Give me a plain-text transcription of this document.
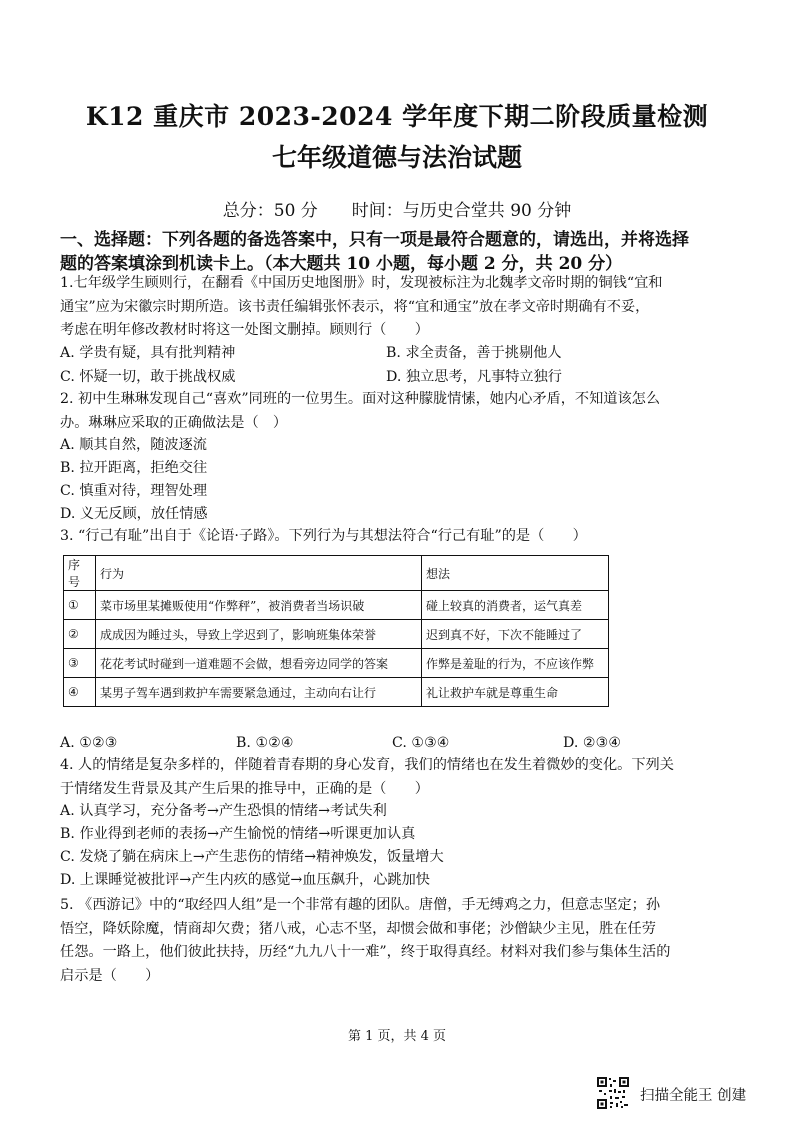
K12 重庆市 2023-2024 学年度下期二阶段质量检测
七年级道德与法治试题
总分：50 分 时间：与历史合堂共 90 分钟
一、选择题：下列各题的备选答案中，只有一项是最符合题意的，请选出，并将选择
题的答案填涂到机读卡上。（本大题共 10 小题，每小题 2 分，共 20 分）
1.七年级学生顾则行，在翻看《中国历史地图册》时，发现被标注为北魏孝文帝时期的铜钱“宜和
通宝”应为宋徽宗时期所造。该书责任编辑张怀表示，将“宜和通宝”放在孝文帝时期确有不妥，
考虑在明年修改教材时将这一处图文删掉。顾则行（　　）
A. 学贵有疑，具有批判精神	B. 求全责备，善于挑剔他人
C. 怀疑一切，敢于挑战权威	D. 独立思考，凡事特立独行
2. 初中生琳琳发现自己“喜欢”同班的一位男生。面对这种朦胧情愫，她内心矛盾，不知道该怎么
办。琳琳应采取的正确做法是（　）
A. 顺其自然，随波逐流
B. 拉开距离，拒绝交往
C. 慎重对待，理智处理
D. 义无反顾，放任情感
3. “行己有耻”出自于《论语·子路》。下列行为与其想法符合“行己有耻”的是（　　）
序号	行为	想法
①	菜市场里某摊贩使用“作弊秤”，被消费者当场识破	碰上较真的消费者，运气真差
②	成成因为睡过头，导致上学迟到了，影响班集体荣誉	迟到真不好，下次不能睡过了
③	花花考试时碰到一道难题不会做，想看旁边同学的答案	作弊是羞耻的行为，不应该作弊
④	某男子驾车遇到救护车需要紧急通过，主动向右让行	礼让救护车就是尊重生命
A. ①②③	B. ①②④	C. ①③④	D. ②③④
4. 人的情绪是复杂多样的，伴随着青春期的身心发育，我们的情绪也在发生着微妙的变化。下列关
于情绪发生背景及其产生后果的推导中，正确的是（　　）
A. 认真学习，充分备考→产生恐惧的情绪→考试失利
B. 作业得到老师的表扬→产生愉悦的情绪→听课更加认真
C. 发烧了躺在病床上→产生悲伤的情绪→精神焕发，饭量增大
D. 上课睡觉被批评→产生内疚的感觉→血压飙升，心跳加快
5. 《西游记》中的“取经四人组”是一个非常有趣的团队。唐僧，手无缚鸡之力，但意志坚定；孙
悟空，降妖除魔，情商却欠费；猪八戒，心志不坚，却惯会做和事佬；沙僧缺少主见，胜在任劳
任怨。一路上，他们彼此扶持，历经“九九八十一难”，终于取得真经。材料对我们参与集体生活的
启示是（　　）
第 1 页，共 4 页
扫描全能王 创建
